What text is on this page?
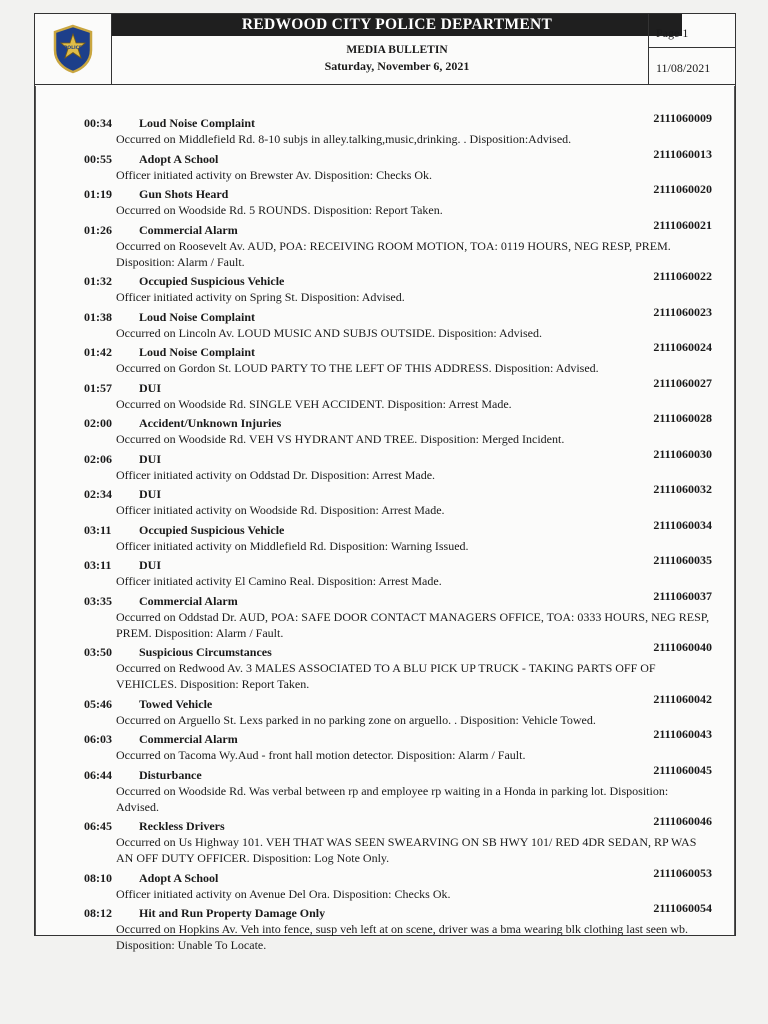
POLICE
REDWOOD CITY POLICE DEPARTMENT
MEDIA BULLETIN
Saturday, November 6, 2021
Page 1
11/08/2021
00:34	Loud Noise Complaint	2111060009
Occurred on Middlefield Rd. 8-10 subjs in alley.talking,music,drinking. . Disposition:Advised.
00:55	Adopt A School	2111060013
Officer initiated activity on Brewster Av. Disposition: Checks Ok.
01:19	Gun Shots Heard	2111060020
Occurred on Woodside Rd. 5 ROUNDS. Disposition: Report Taken.
01:26	Commercial Alarm	2111060021
Occurred on Roosevelt Av. AUD, POA: RECEIVING ROOM MOTION, TOA: 0119 HOURS, NEG RESP, PREM. Disposition: Alarm / Fault.
01:32	Occupied Suspicious Vehicle	2111060022
Officer initiated activity on Spring St. Disposition: Advised.
01:38	Loud Noise Complaint	2111060023
Occurred on Lincoln Av. LOUD MUSIC AND SUBJS OUTSIDE. Disposition: Advised.
01:42	Loud Noise Complaint	2111060024
Occurred on Gordon St. LOUD PARTY TO THE LEFT OF THIS ADDRESS. Disposition: Advised.
01:57	DUI	2111060027
Occurred on Woodside Rd. SINGLE VEH ACCIDENT. Disposition: Arrest Made.
02:00	Accident/Unknown Injuries	2111060028
Occurred on Woodside Rd. VEH VS HYDRANT AND TREE. Disposition: Merged Incident.
02:06	DUI	2111060030
Officer initiated activity on Oddstad Dr. Disposition: Arrest Made.
02:34	DUI	2111060032
Officer initiated activity on Woodside Rd. Disposition: Arrest Made.
03:11	Occupied Suspicious Vehicle	2111060034
Officer initiated activity on Middlefield Rd. Disposition: Warning Issued.
03:11	DUI	2111060035
Officer initiated activity El Camino Real. Disposition: Arrest Made.
03:35	Commercial Alarm	2111060037
Occurred on Oddstad Dr. AUD, POA: SAFE DOOR CONTACT MANAGERS OFFICE, TOA: 0333 HOURS, NEG RESP, PREM. Disposition: Alarm / Fault.
03:50	Suspicious Circumstances	2111060040
Occurred on Redwood Av. 3 MALES ASSOCIATED TO A BLU PICK UP TRUCK - TAKING PARTS OFF OF VEHICLES. Disposition: Report Taken.
05:46	Towed Vehicle	2111060042
Occurred on Arguello St. Lexs parked in no parking zone on arguello. . Disposition: Vehicle Towed.
06:03	Commercial Alarm	2111060043
Occurred on Tacoma Wy.Aud - front hall motion detector. Disposition: Alarm / Fault.
06:44	Disturbance	2111060045
Occurred on Woodside Rd. Was verbal between rp and employee rp waiting in a Honda in parking lot. Disposition: Advised.
06:45	Reckless Drivers	2111060046
Occurred on Us Highway 101. VEH THAT WAS SEEN SWEARVING ON SB HWY 101/ RED 4DR SEDAN, RP WAS AN OFF DUTY OFFICER. Disposition: Log Note Only.
08:10	Adopt A School	2111060053
Officer initiated activity on Avenue Del Ora. Disposition: Checks Ok.
08:12	Hit and Run Property Damage Only	2111060054
Occurred on Hopkins Av. Veh into fence, susp veh left at on scene, driver was a bma wearing blk clothing last seen wb. Disposition: Unable To Locate.
